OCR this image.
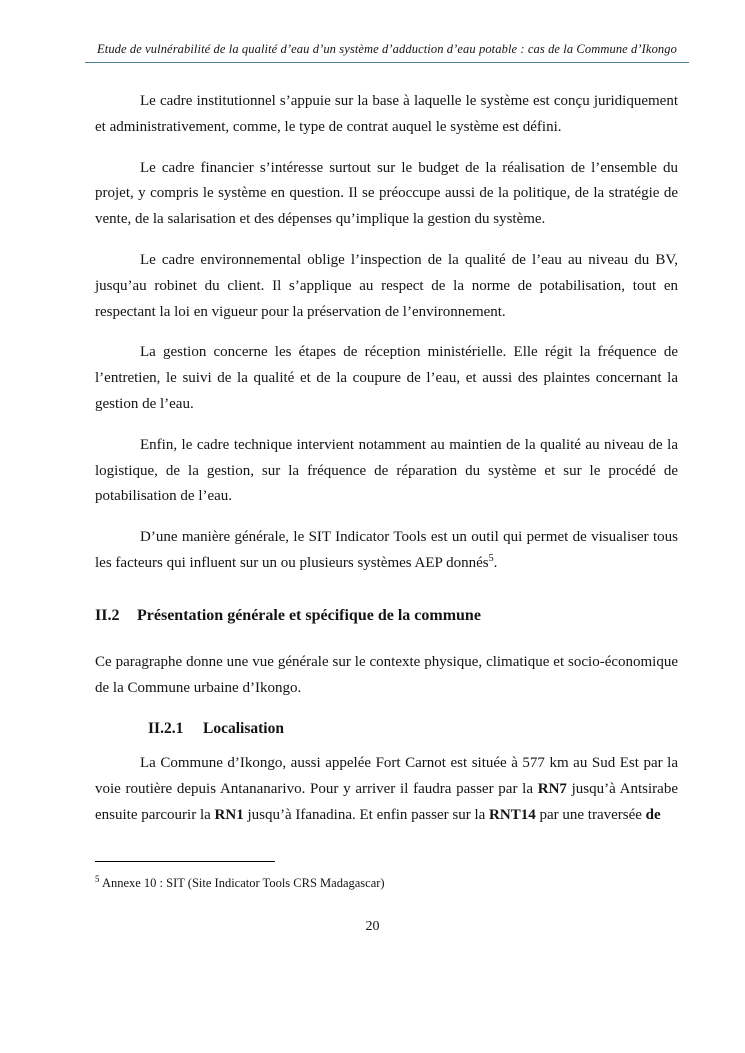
Etude de vulnérabilité de la qualité d’eau d’un système d’adduction d’eau potable : cas de la Commune d’Ikongo

Le cadre institutionnel s’appuie sur la base à laquelle le système est conçu juridiquement et administrativement, comme, le type de contrat auquel le système est défini.

Le cadre financier s’intéresse surtout sur le budget de la réalisation de l’ensemble du projet, y compris le système en question. Il se préoccupe aussi de la politique, de la stratégie de vente, de la salarisation et des dépenses qu’implique la gestion du système.

Le cadre environnemental oblige l’inspection de la qualité de l’eau au niveau du BV, jusqu’au robinet du client. Il s’applique au respect de la norme de potabilisation, tout en respectant la loi en vigueur pour la préservation de l’environnement.

La gestion concerne les étapes de réception ministérielle. Elle régit la fréquence de l’entretien, le suivi de la qualité et de la coupure de l’eau, et aussi des plaintes concernant la gestion de l’eau.

Enfin, le cadre technique intervient notamment au maintien de la qualité au niveau de la logistique, de la gestion, sur la fréquence de réparation du système et sur le procédé de potabilisation de l’eau.

D’une manière générale, le SIT Indicator Tools est un outil qui permet de visualiser tous les facteurs qui influent sur un ou plusieurs systèmes AEP donnés$^5$.

II.2 Présentation générale et spécifique de la commune

Ce paragraphe donne une vue générale sur le contexte physique, climatique et socio-économique de la Commune urbaine d’Ikongo.

II.2.1 Localisation

La Commune d’Ikongo, aussi appelée Fort Carnot est située à 577 km au Sud Est par la voie routière depuis Antananarivo. Pour y arriver il faudra passer par la RN7 jusqu’à Antsirabe ensuite parcourir la RN1 jusqu’à Ifanadina. Et enfin passer sur la RNT14 par une traversée de

$^5$ Annexe 10 : SIT (Site Indicator Tools CRS Madagascar)
20
